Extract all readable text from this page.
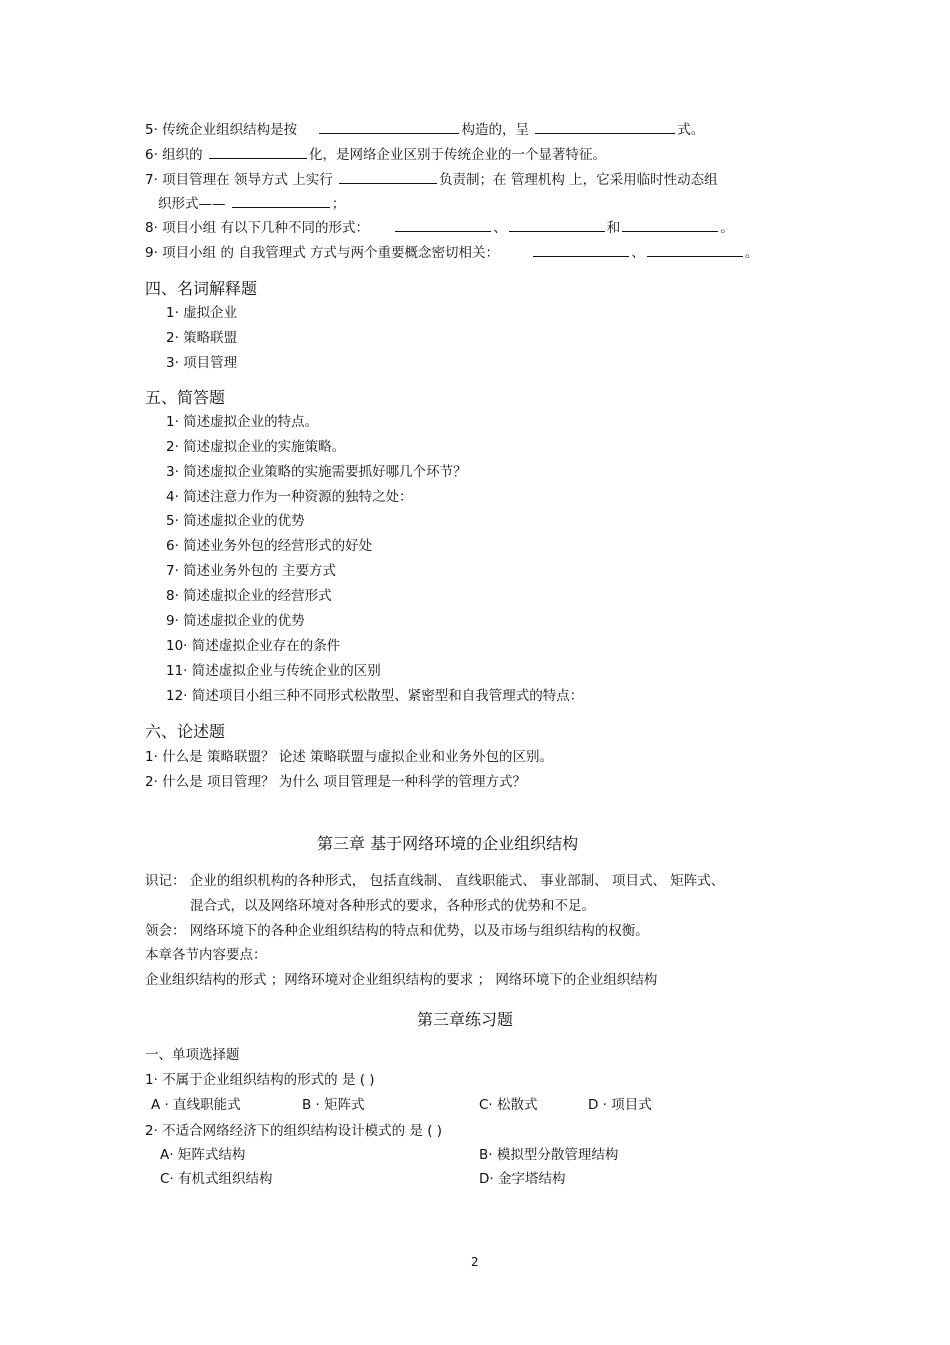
5· 传统企业组织结构是按	构造的，呈	式。
6· 组织的	化，是网络企业区别于传统企业的一个显著特征。
7· 项目管理在 领导方式 上实行	负责制；在 管理机构 上，它采用临时性动态组
织形式——	；
8· 项目小组 有以下几种不同的形式：	、	和	。
9· 项目小组 的 自我管理式 方式与两个重要概念密切相关：	、	。
四、名词解释题
1· 虚拟企业
2· 策略联盟
3· 项目管理
五、简答题
1· 简述虚拟企业的特点。
2· 简述虚拟企业的实施策略。
3· 简述虚拟企业策略的实施需要抓好哪几个环节？
4· 简述注意力作为一种资源的独特之处：
5· 简述虚拟企业的优势
6· 简述业务外包的经营形式的好处
7· 简述业务外包的 主要方式
8· 简述虚拟企业的经营形式
9· 简述虚拟企业的优势
10· 简述虚拟企业存在的条件
11· 简述虚拟企业与传统企业的区别
12· 简述项目小组三种不同形式松散型、紧密型和自我管理式的特点：
六、论述题
1· 什么是 策略联盟？ 论述 策略联盟与虚拟企业和业务外包的区别。
2· 什么是 项目管理？ 为什么 项目管理是一种科学的管理方式？
第三章 基于网络环境的企业组织结构
识记： 企业的组织机构的各种形式， 包括直线制、 直线职能式、 事业部制、 项目式、 矩阵式、
混合式，以及网络环境对各种形式的要求，各种形式的优势和不足。
领会： 网络环境下的各种企业组织结构的特点和优势，以及市场与组织结构的权衡。
本章各节内容要点：
企业组织结构的形式 ；网络环境对企业组织结构的要求 ； 网络环境下的企业组织结构
第三章练习题
一、单项选择题
1· 不属于企业组织结构的形式的 是 ( )
A · 直线职能式	B · 矩阵式	C· 松散式	D · 项目式
2· 不适合网络经济下的组织结构设计模式的 是 ( )
A· 矩阵式结构	B· 模拟型分散管理结构
C· 有机式组织结构	D· 金字塔结构
2
